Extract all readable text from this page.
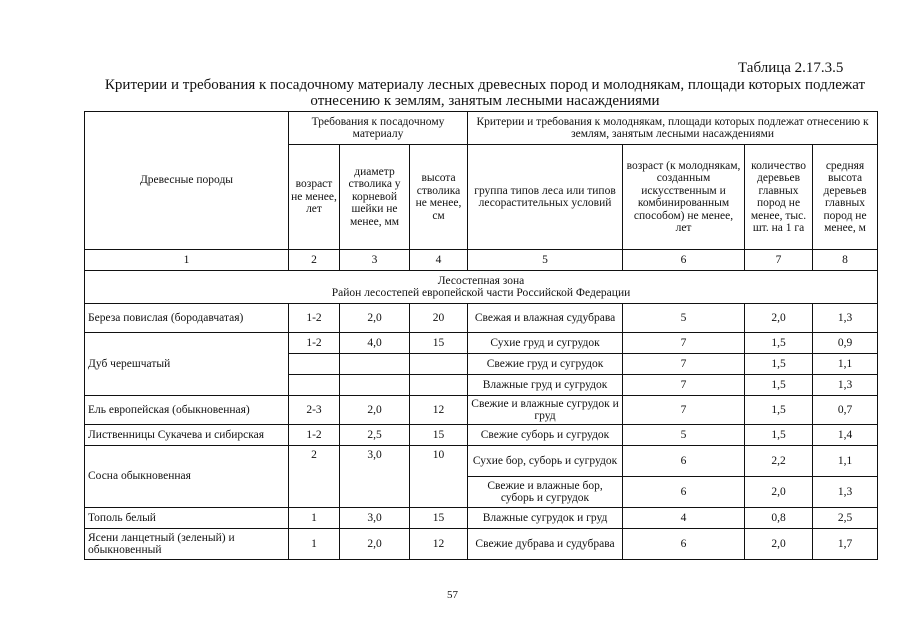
Таблица 2.17.3.5
Критерии и требования к посадочному материалу лесных древесных пород и молоднякам, площади которых подлежат отнесению к землям, занятым лесными насаждениями
Древесные породы	Требования к посадочному материалу			Критерии и требования к молоднякам, площади которых подлежат отнесению к землям, занятым лесными насаждениями			
	возраст не менее, лет	диаметр стволика у корневой шейки не менее, мм	высота стволика не менее, см	группа типов леса или типов лесорастительных условий	возраст (к молоднякам, созданным искусственным и комбинированным способом) не менее, лет	количество деревьев главных пород не менее, тыс. шт. на 1 га	средняя высота деревьев главных пород не менее, м
1	2	3	4	5	6	7	8

Лесостепная зона
Район лесостепей европейской части Российской Федерации							

Береза повислая (бородавчатая)	1-2	2,0	20	Свежая и влажная судубрава	5	2,0	1,3
Дуб черешчатый	1-2	4,0	15	Сухие груд и сугрудок	7	1,5	0,9
				Свежие груд и сугрудок	7	1,5	1,1
				Влажные груд и сугрудок	7	1,5	1,3
Ель европейская (обыкновенная)	2-3	2,0	12	Свежие и влажные сугрудок и груд	7	1,5	0,7
Лиственницы Сукачева и сибирская	1-2	2,5	15	Свежие суборь и сугрудок	5	1,5	1,4
Сосна обыкновенная	2	3,0	10	Сухие бор, суборь и сугрудок	6	2,2	1,1
				Свежие и влажные бор, суборь и сугрудок	6	2,0	1,3
Тополь белый	1	3,0	15	Влажные сугрудок и груд	4	0,8	2,5
Ясени ланцетный (зеленый) и обыкновенный	1	2,0	12	Свежие дубрава и судубрава	6	2,0	1,7
57
